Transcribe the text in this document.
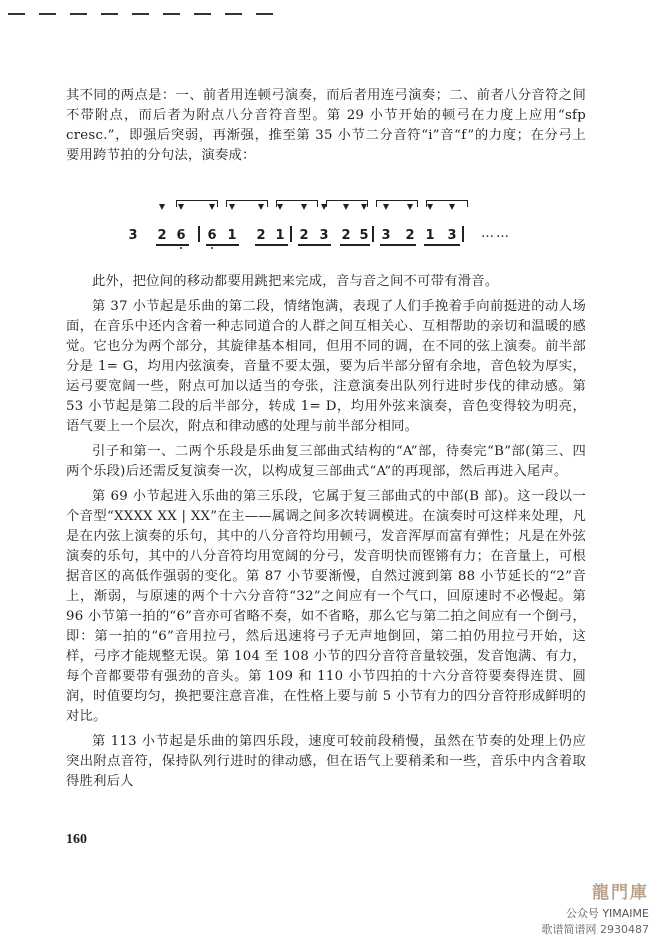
其不同的两点是：一、前者用连顿弓演奏，而后者用连弓演奏；二、前者八分音符之间不带附点，而后者为附点八分音符音型。第 29 小节开始的顿弓在力度上应用“sfp cresc.”，即强后突弱，再渐强，推至第 35 小节二分音符“i”音“f”的力度；在分弓上要用跨节拍的分句法，演奏成：

3 2 6 6 1 2 1 2 3 2 5 3 2 1 3 ……

此外，把位间的移动都要用跳把来完成，音与音之间不可带有滑音。

第 37 小节起是乐曲的第二段，情绪饱满，表现了人们手挽着手向前挺进的动人场面，在音乐中还内含着一种志同道合的人群之间互相关心、互相帮助的亲切和温暖的感觉。它也分为两个部分，其旋律基本相同，但用不同的调，在不同的弦上演奏。前半部分是 1= G，均用内弦演奏，音量不要太强，要为后半部分留有余地，音色较为厚实，运弓要宽阔一些，附点可加以适当的夸张，注意演奏出队列行进时步伐的律动感。第 53 小节起是第二段的后半部分，转成 1= D，均用外弦来演奏，音色变得较为明亮，语气要上一个层次，附点和律动感的处理与前半部分相同。

引子和第一、二两个乐段是乐曲复三部曲式结构的“A”部，待奏完“B”部(第三、四两个乐段)后还需反复演奏一次，以构成复三部曲式“A”的再现部，然后再进入尾声。

第 69 小节起进入乐曲的第三乐段，它属于复三部曲式的中部(B 部)。这一段以一个音型“XXXX XX | XX”在主——属调之间多次转调模进。在演奏时可这样来处理，凡是在内弦上演奏的乐句，其中的八分音符均用顿弓，发音浑厚而富有弹性；凡是在外弦演奏的乐句，其中的八分音符均用宽阔的分弓，发音明快而铿锵有力；在音量上，可根据音区的高低作强弱的变化。第 87 小节要渐慢，自然过渡到第 88 小节延长的“2”音上，渐弱，与原速的两个十六分音符“32”之间应有一个气口，回原速时不必慢起。第 96 小节第一拍的“6”音亦可省略不奏，如不省略，那么它与第二拍之间应有一个倒弓，即：第一拍的“6”音用拉弓，然后迅速将弓子无声地倒回，第二拍仍用拉弓开始，这样，弓序才能规整无误。第 104 至 108 小节的四分音符音量较强，发音饱满、有力，每个音都要带有强劲的音头。第 109 和 110 小节四拍的十六分音符要奏得连贯、圆润，时值要均匀，换把要注意音准，在性格上要与前 5 小节有力的四分音符形成鲜明的对比。

第 113 小节起是乐曲的第四乐段，速度可较前段稍慢，虽然在节奏的处理上仍应突出附点音符，保持队列行进时的律动感，但在语气上要稍柔和一些，音乐中内含着取得胜利后人

160
龍門庫
公众号 YIMAIME
歌谱简谱网 2930487
